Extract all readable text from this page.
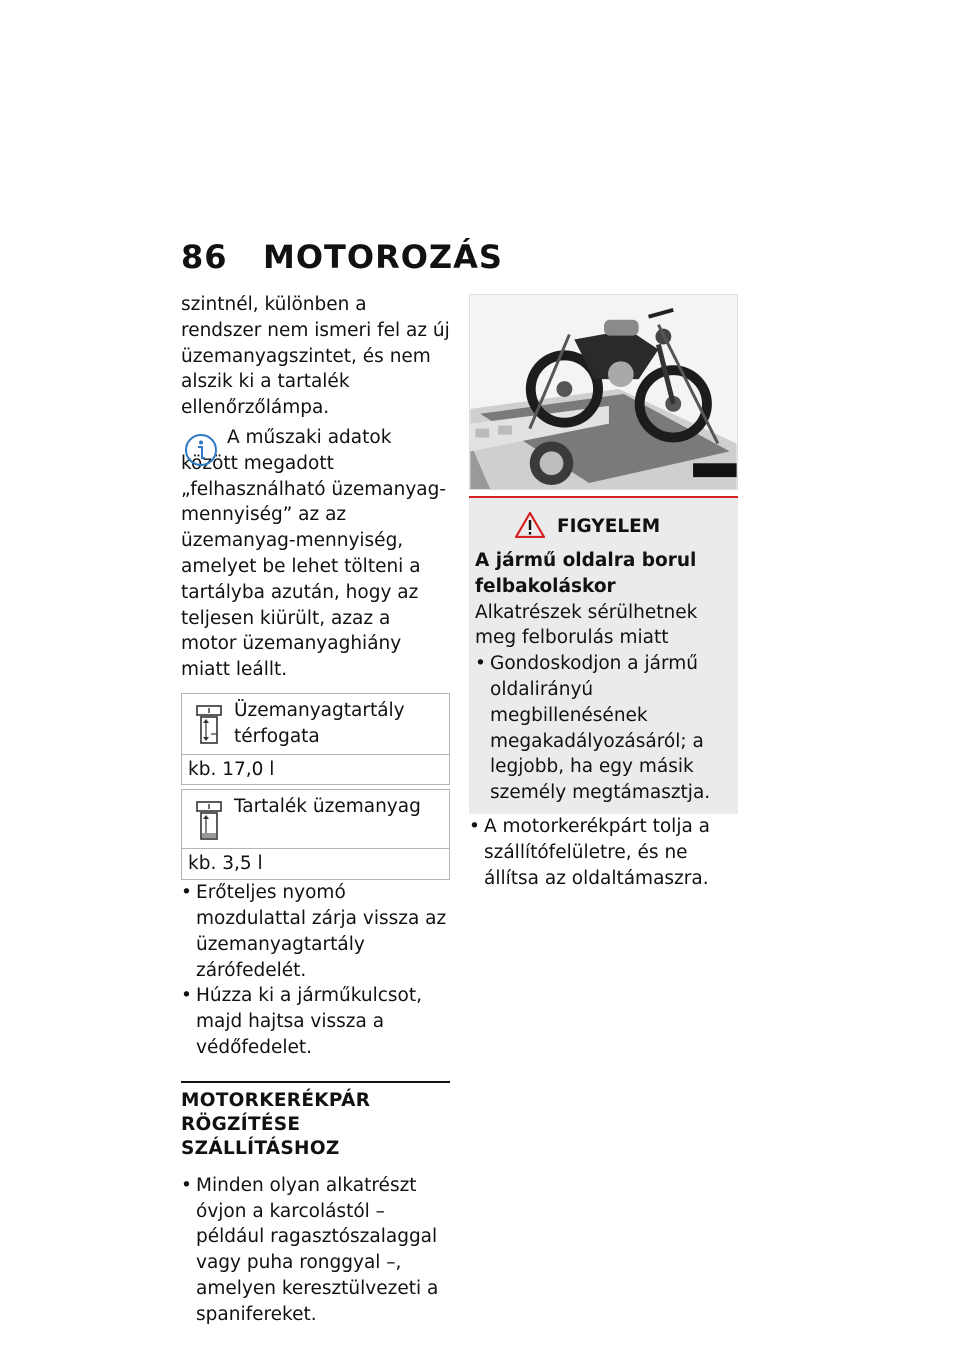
86 MOTOROZÁS

szintnél, különben a rendszer nem ismeri fel az új üzemanyagszintet, és nem alszik ki a tartalék ellenőrzőlámpa.

A műszaki adatok között megadott „felhasználható üzemanyag-mennyiség” az az üzemanyag-mennyiség, amelyet be lehet tölteni a tartályba azután, hogy az teljesen kiürült, azaz a motor üzemanyaghiány miatt leállt.

Üzemanyagtartály térfogata
kb. 17,0 l
Tartalék üzemanyag
kb. 3,5 l
• Erőteljes nyomó mozdulattal zárja vissza az üzemanyagtartály zárófedelét.
• Húzza ki a járműkulcsot, majd hajtsa vissza a védőfedelet.
MOTORKERÉKPÁR RÖGZÍTÉSE SZÁLLÍTÁSHOZ
• Minden olyan alkatrészt óvjon a karcolástól – például ragasztószalaggal vagy puha ronggyal –, amelyen keresztülvezeti a spanifereket.
FIGYELEM

A jármű oldalra borul felbakoláskor

Alkatrészek sérülhetnek meg felborulás miatt

• Gondoskodjon a jármű oldalirányú megbillenésének megakadályozásáról; a legjobb, ha egy másik személy megtámasztja.
• A motorkerékpárt tolja a szállítófelületre, és ne állítsa az oldaltámaszra.
